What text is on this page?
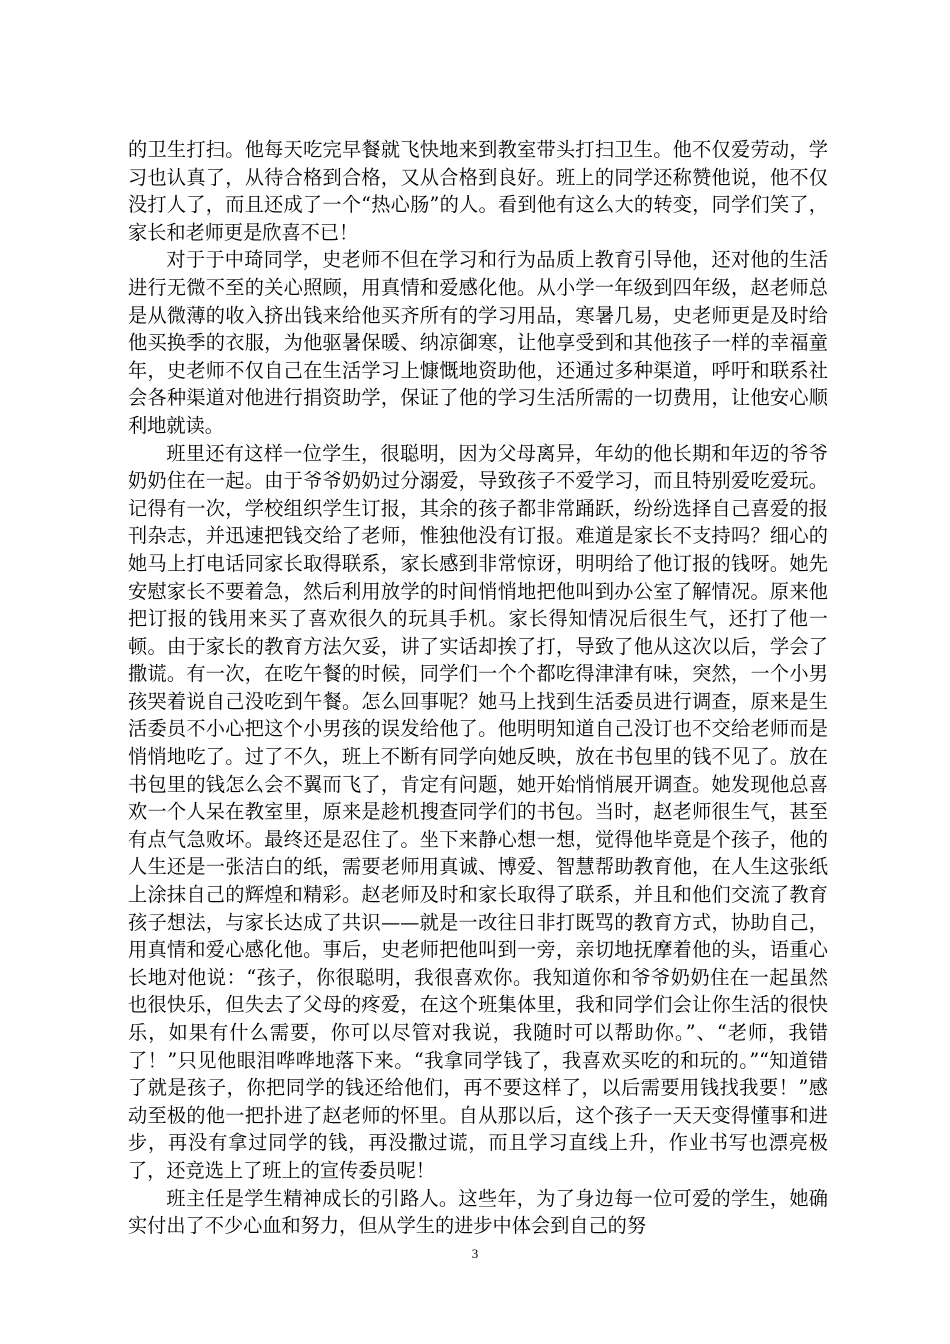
的卫生打扫。他每天吃完早餐就飞快地来到教室带头打扫卫生。他不仅爱劳动，学习也认真了，从待合格到合格，又从合格到良好。班上的同学还称赞他说，他不仅没打人了，而且还成了一个“热心肠”的人。看到他有这么大的转变，同学们笑了，家长和老师更是欣喜不已！

对于于中琦同学，史老师不但在学习和行为品质上教育引导他，还对他的生活进行无微不至的关心照顾，用真情和爱感化他。从小学一年级到四年级，赵老师总是从微薄的收入挤出钱来给他买齐所有的学习用品，寒暑几易，史老师更是及时给他买换季的衣服，为他驱暑保暖、纳凉御寒，让他享受到和其他孩子一样的幸福童年，史老师不仅自己在生活学习上慷慨地资助他，还通过多种渠道，呼吁和联系社会各种渠道对他进行捐资助学，保证了他的学习生活所需的一切费用，让他安心顺利地就读。

班里还有这样一位学生，很聪明，因为父母离异，年幼的他长期和年迈的爷爷奶奶住在一起。由于爷爷奶奶过分溺爱，导致孩子不爱学习，而且特别爱吃爱玩。记得有一次，学校组织学生订报，其余的孩子都非常踊跃，纷纷选择自己喜爱的报刊杂志，并迅速把钱交给了老师，惟独他没有订报。难道是家长不支持吗？细心的她马上打电话同家长取得联系，家长感到非常惊讶，明明给了他订报的钱呀。她先安慰家长不要着急，然后利用放学的时间悄悄地把他叫到办公室了解情况。原来他把订报的钱用来买了喜欢很久的玩具手机。家长得知情况后很生气，还打了他一顿。由于家长的教育方法欠妥，讲了实话却挨了打，导致了他从这次以后，学会了撒谎。有一次，在吃午餐的时候，同学们一个个都吃得津津有味，突然，一个小男孩哭着说自己没吃到午餐。怎么回事呢？她马上找到生活委员进行调查，原来是生活委员不小心把这个小男孩的误发给他了。他明明知道自己没订也不交给老师而是悄悄地吃了。过了不久，班上不断有同学向她反映，放在书包里的钱不见了。放在书包里的钱怎么会不翼而飞了，肯定有问题，她开始悄悄展开调查。她发现他总喜欢一个人呆在教室里，原来是趁机搜查同学们的书包。当时，赵老师很生气，甚至有点气急败坏。最终还是忍住了。坐下来静心想一想，觉得他毕竟是个孩子，他的人生还是一张洁白的纸，需要老师用真诚、博爱、智慧帮助教育他，在人生这张纸上涂抹自己的辉煌和精彩。赵老师及时和家长取得了联系，并且和他们交流了教育孩子想法，与家长达成了共识——就是一改往日非打既骂的教育方式，协助自己，用真情和爱心感化他。事后，史老师把他叫到一旁，亲切地抚摩着他的头，语重心长地对他说：“孩子，你很聪明，我很喜欢你。我知道你和爷爷奶奶住在一起虽然也很快乐，但失去了父母的疼爱，在这个班集体里，我和同学们会让你生活的很快乐，如果有什么需要，你可以尽管对我说，我随时可以帮助你。”、“老师，我错了！”只见他眼泪哗哗地落下来。“我拿同学钱了，我喜欢买吃的和玩的。”“知道错了就是孩子，你把同学的钱还给他们，再不要这样了，以后需要用钱找我要！”感动至极的他一把扑进了赵老师的怀里。自从那以后，这个孩子一天天变得懂事和进步，再没有拿过同学的钱，再没撒过谎，而且学习直线上升，作业书写也漂亮极了，还竞选上了班上的宣传委员呢！

班主任是学生精神成长的引路人。这些年，为了身边每一位可爱的学生，她确实付出了不少心血和努力，但从学生的进步中体会到自己的努

3
